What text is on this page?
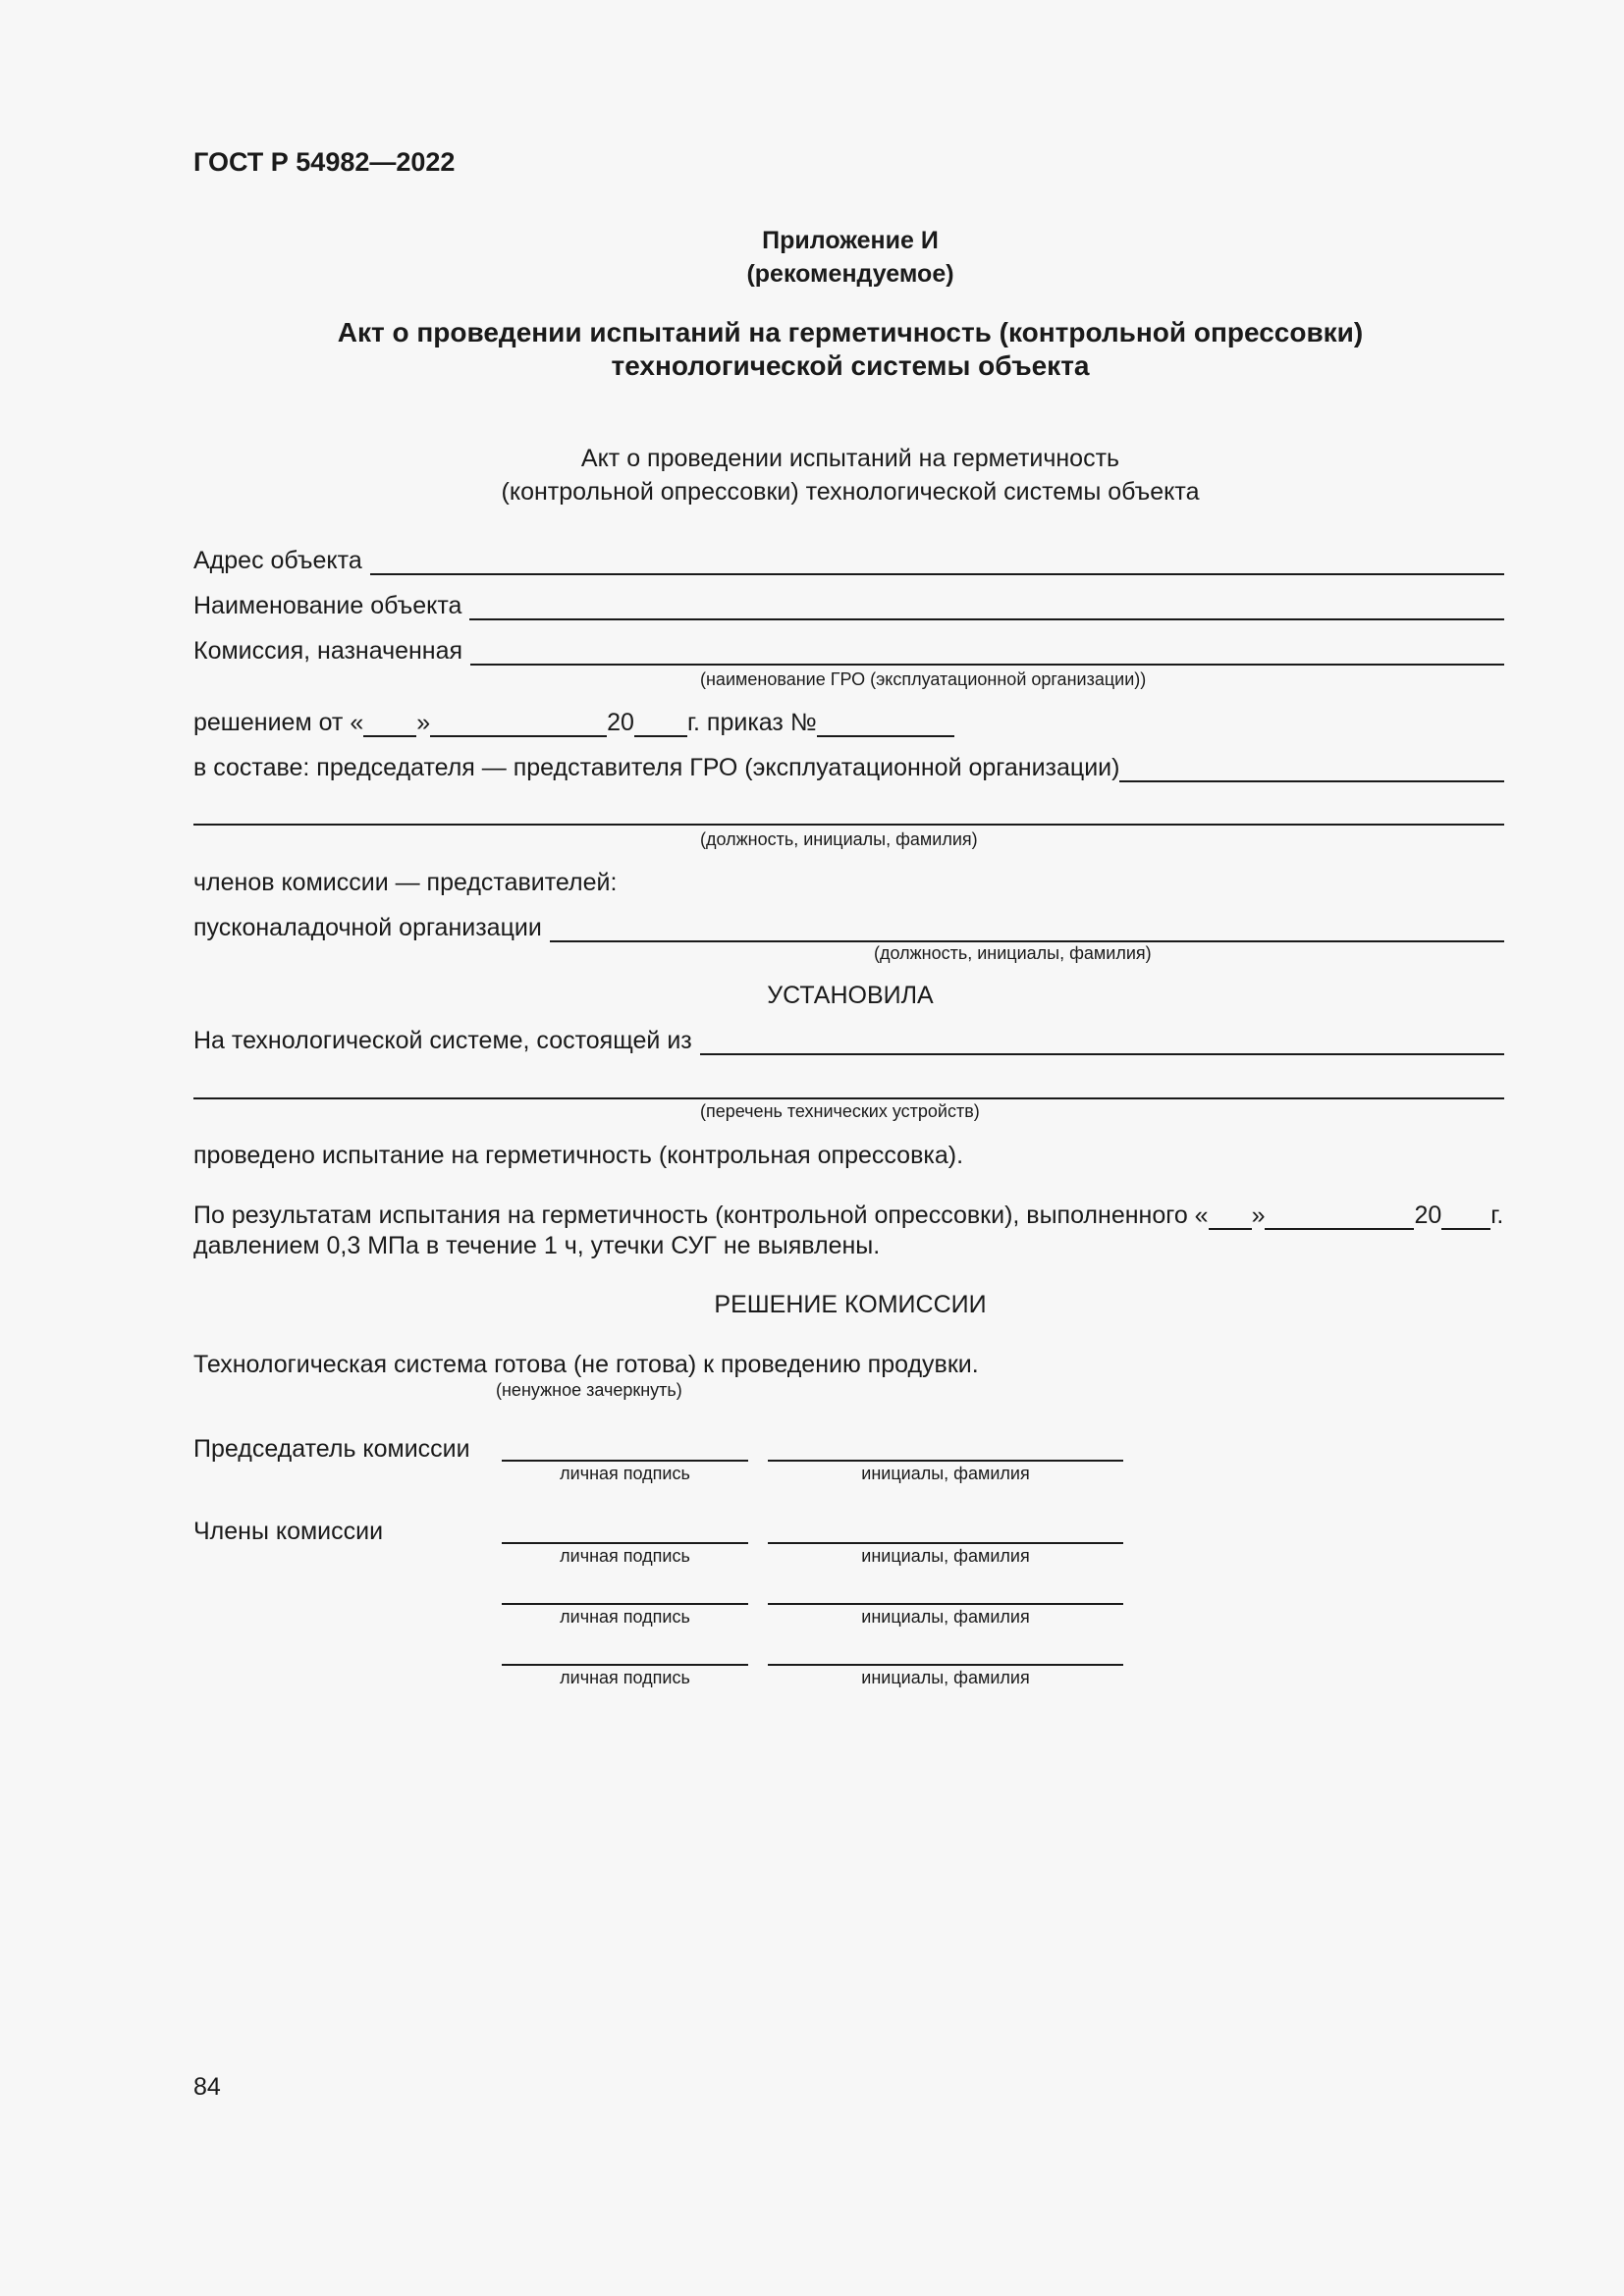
ГОСТ Р 54982—2022
Приложение И
(рекомендуемое)
Акт о проведении испытаний на герметичность (контрольной опрессовки)
технологической системы объекта
Акт о проведении испытаний на герметичность
(контрольной опрессовки) технологической системы объекта
Адрес объекта
Наименование объекта
Комиссия, назначенная
(наименование ГРО (эксплуатационной организации))
решением от « »	20 г. приказ №
в составе: председателя — представителя ГРО (эксплуатационной организации)
(должность, инициалы, фамилия)
членов комиссии — представителей:
пусконаладочной организации
(должность, инициалы, фамилия)
УСТАНОВИЛА
На технологической системе, состоящей из
(перечень технических устройств)
проведено испытание на герметичность (контрольная опрессовка).
По результатам испытания на герметичность (контрольной опрессовки), выполненного « »	20 г.
давлением 0,3 МПа в течение 1 ч, утечки СУГ не выявлены.
РЕШЕНИЕ КОМИССИИ
Технологическая система готова (не готова) к проведению продувки.
(ненужное зачеркнуть)
Председатель комиссии
личная подпись	инициалы, фамилия
Члены комиссии
личная подпись	инициалы, фамилия
личная подпись	инициалы, фамилия
личная подпись	инициалы, фамилия
84
